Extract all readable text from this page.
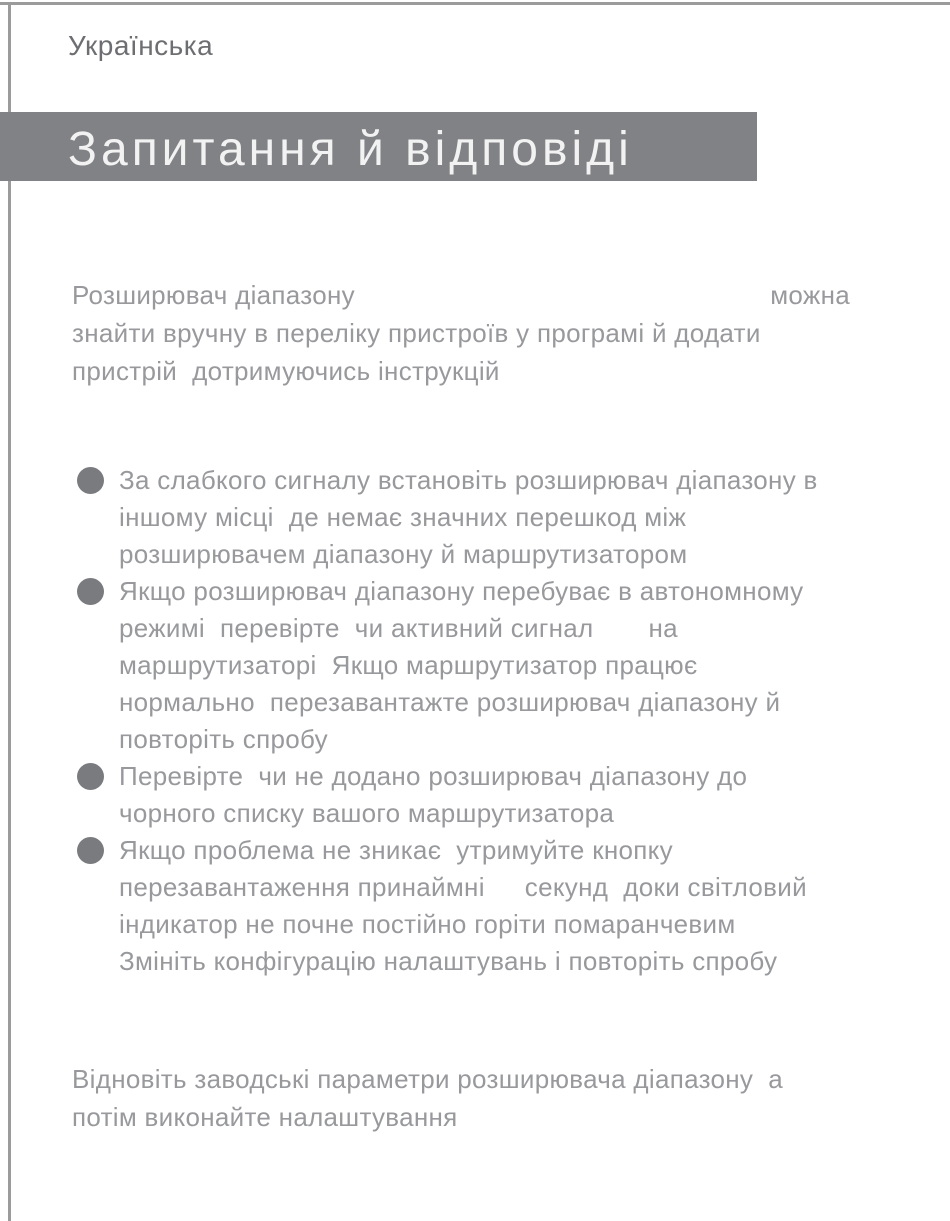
Українська
Запитання й відповіді
Розширювач діапазону	можна
знайти вручну в переліку пристроїв у програмі й додати
пристрій  дотримуючись інструкцій
За слабкого сигналу встановіть розширювач діапазону в
іншому місці  де немає значних перешкод між
розширювачем діапазону й маршрутизатором
Якщо розширювач діапазону перебуває в автономному
режимі  перевірте  чи активний сигнал на
маршрутизаторі  Якщо маршрутизатор працює
нормально  перезавантажте розширювач діапазону й
повторіть спробу
Перевірте  чи не додано розширювач діапазону до
чорного списку вашого маршрутизатора
Якщо проблема не зникає  утримуйте кнопку
перезавантаження принаймні секунд  доки світловий
індикатор не почне постійно горіти помаранчевим
Змініть конфігурацію налаштувань і повторіть спробу
Відновіть заводські параметри розширювача діапазону  а
потім виконайте налаштування
